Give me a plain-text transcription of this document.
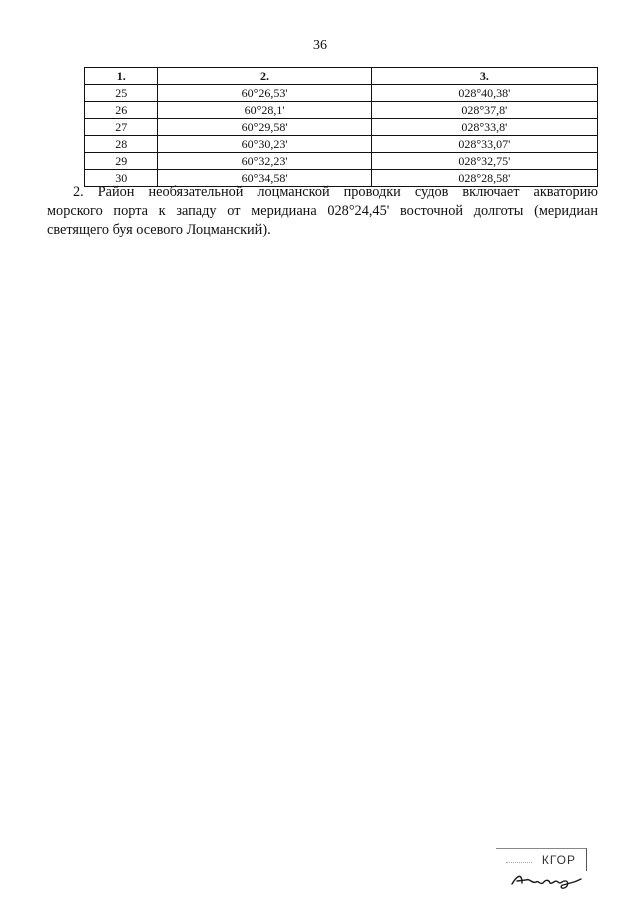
36
1.	2.	3.
25	60°26,53'	028°40,38'
26	60°28,1'	028°37,8'
27	60°29,58'	028°33,8'
28	60°30,23'	028°33,07'
29	60°32,23'	028°32,75'
30	60°34,58'	028°28,58'

2. Район необязательной лоцманской проводки судов включает акваторию
морского порта к западу от меридиана 028°24,45' восточной долготы (меридиан
светящего буя осевого Лоцманский).

КГОР
